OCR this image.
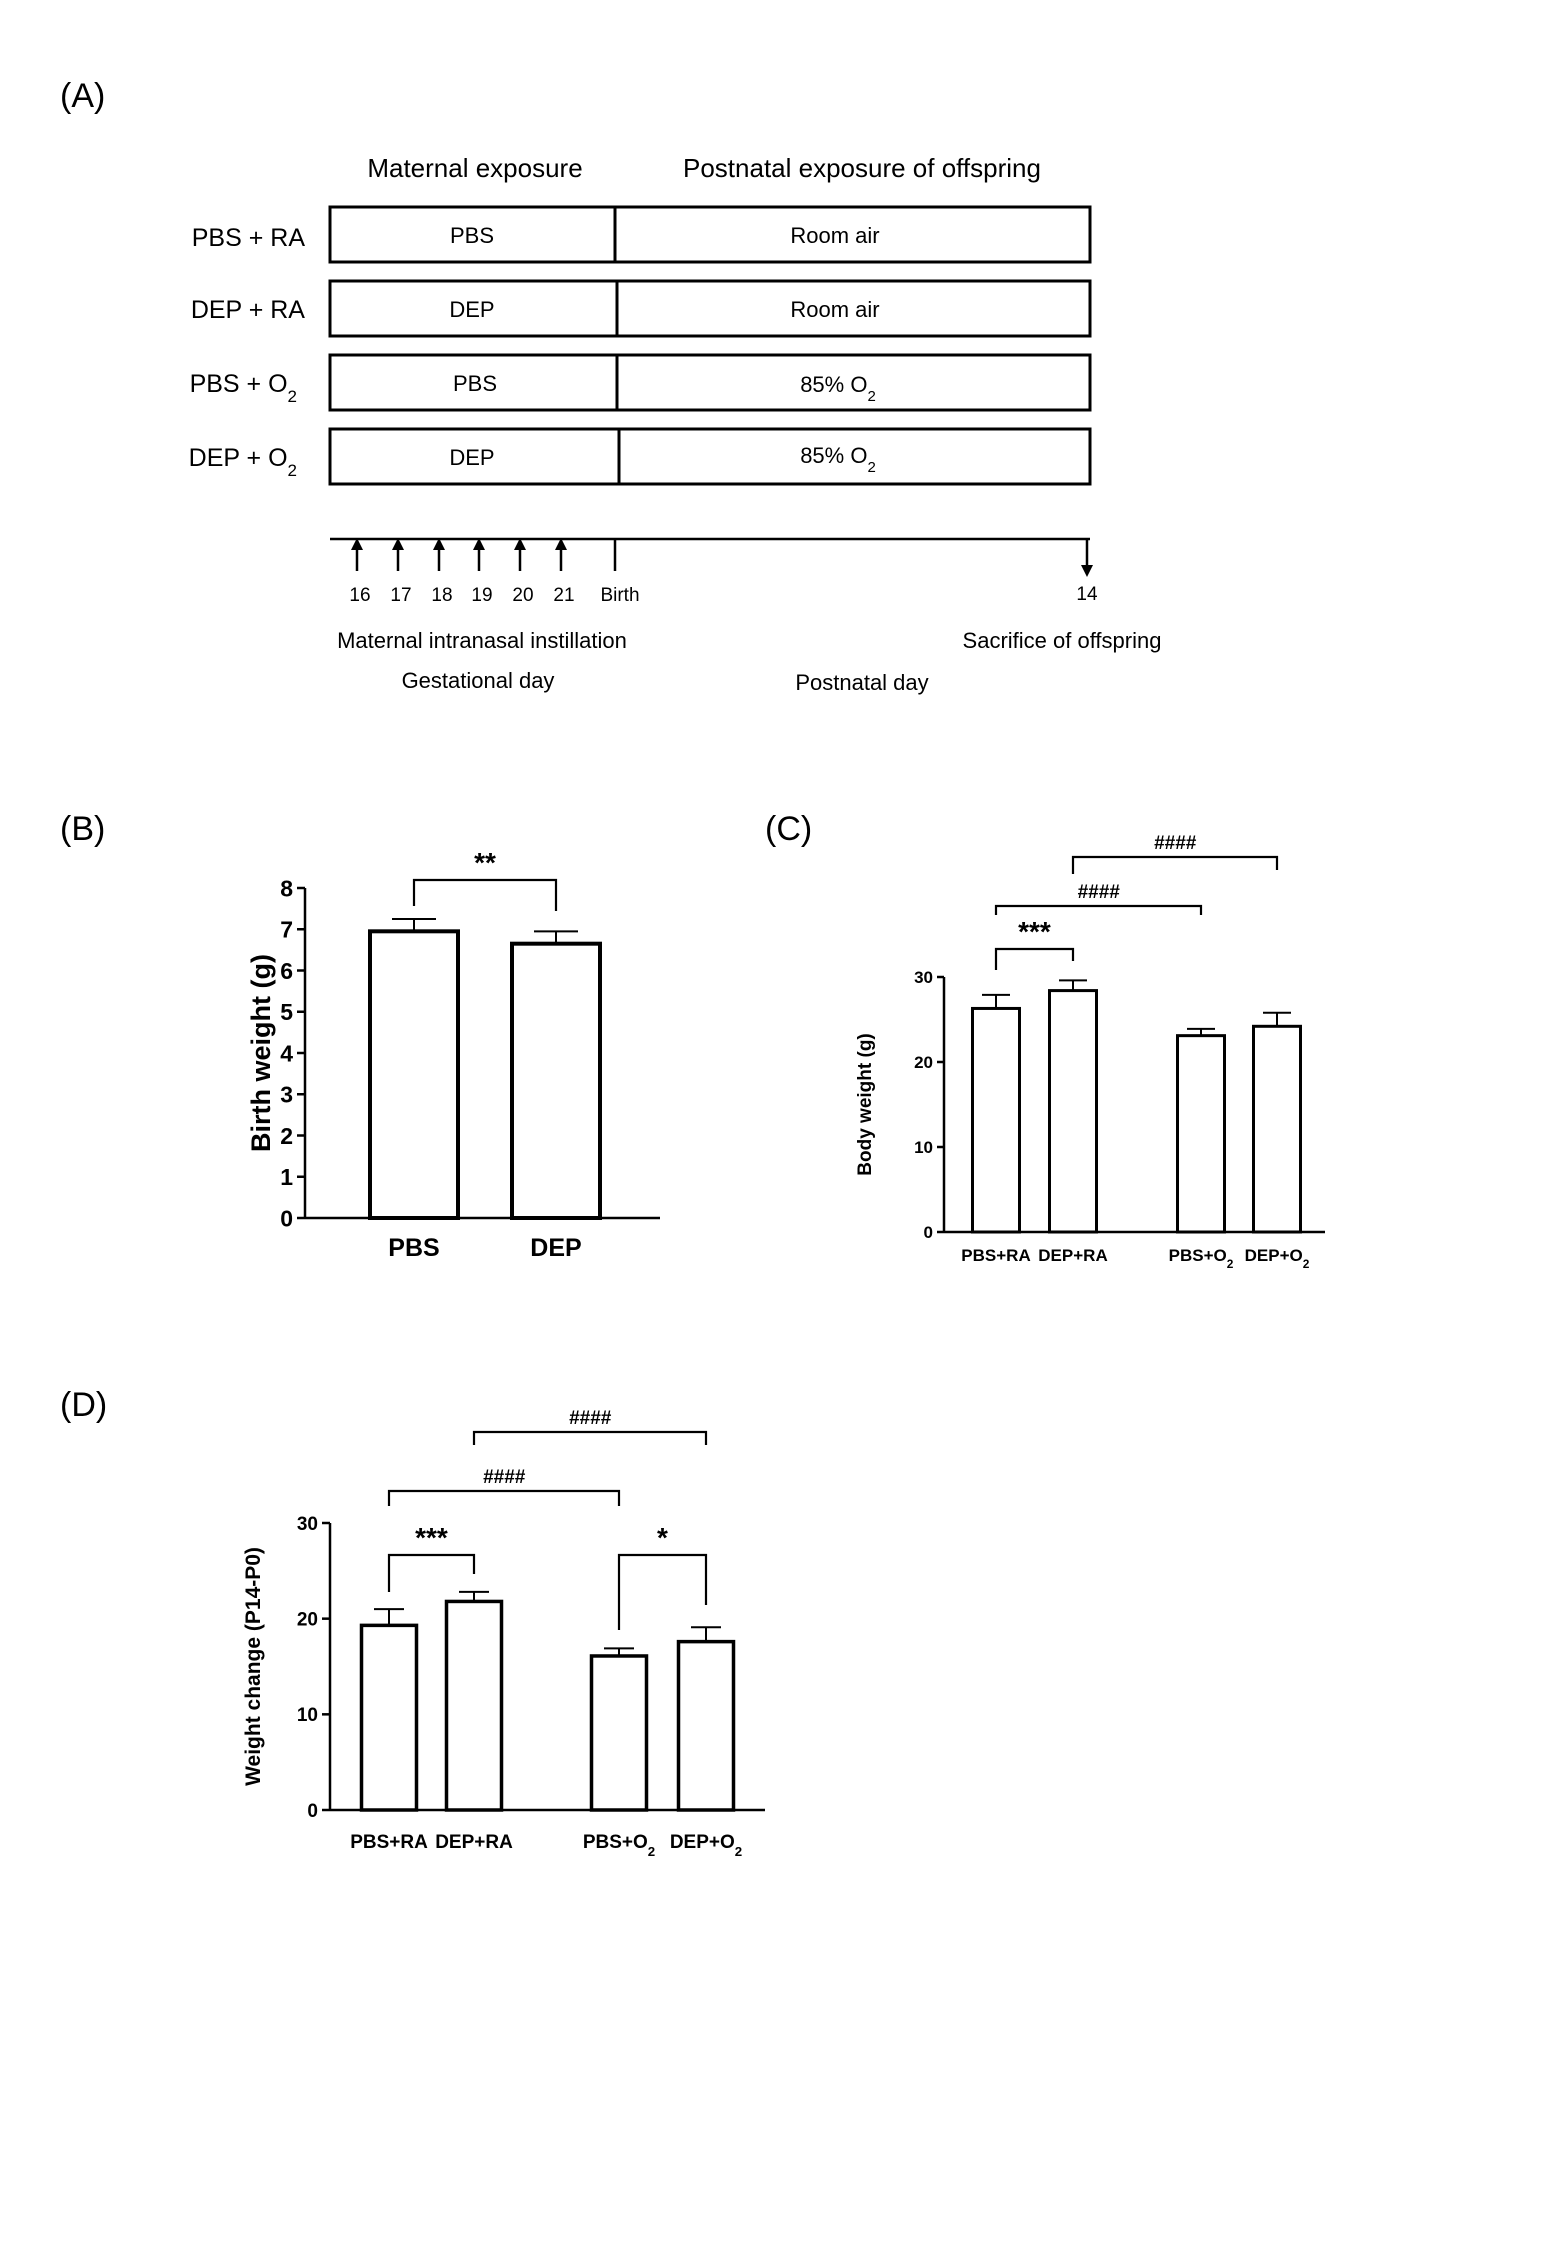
(A)
(B)	(C)
(D)
Maternal exposure	Postnatal exposure of offspring
PBS + RA	PBS	Room air
DEP + RA	DEP	Room air
PBS + $O_2$	PBS	85% $O_2$
DEP + $O_2$	DEP	85% $O_2$
16 17 18 19 20 21 Birth	14
Maternal intranasal instillation
Gestational day	Postnatal day
Sacrifice of offspring
0
1
2
3
4
5
6
7
8
Birth weight (g)
PBS	DEP
**
0
10
20
30
Body weight (g)
PBS+RA DEP+RA	$PBS+O_2$ $DEP+O_2$
***
####
####
0
10
20
30
Weight change (P14-P0)
PBS+RA DEP+RA	$PBS+O_2$ $DEP+O_2$
***	*
####
####
